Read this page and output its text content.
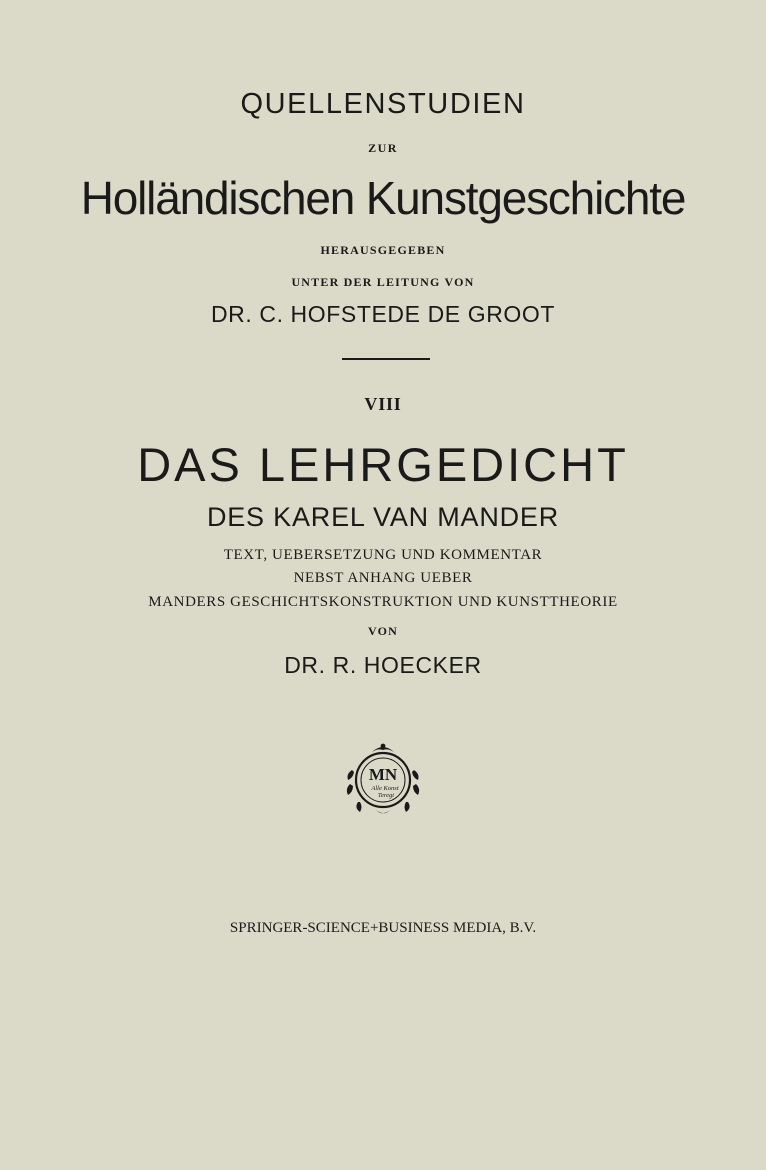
QUELLENSTUDIEN
ZUR
Holländischen Kunstgeschichte
HERAUSGEGEBEN
UNTER DER LEITUNG VON
DR. C. HOFSTEDE DE GROOT
VIII
DAS LEHRGEDICHT
DES KAREL VAN MANDER
TEXT, UEBERSETZUNG UND KOMMENTAR
NEBST ANHANG UEBER
MANDERS GESCHICHTSKONSTRUKTION UND KUNSTTHEORIE
VON
DR. R. HOECKER
MN
Alle Konst
Teregt
SPRINGER-SCIENCE+BUSINESS MEDIA, B.V.
